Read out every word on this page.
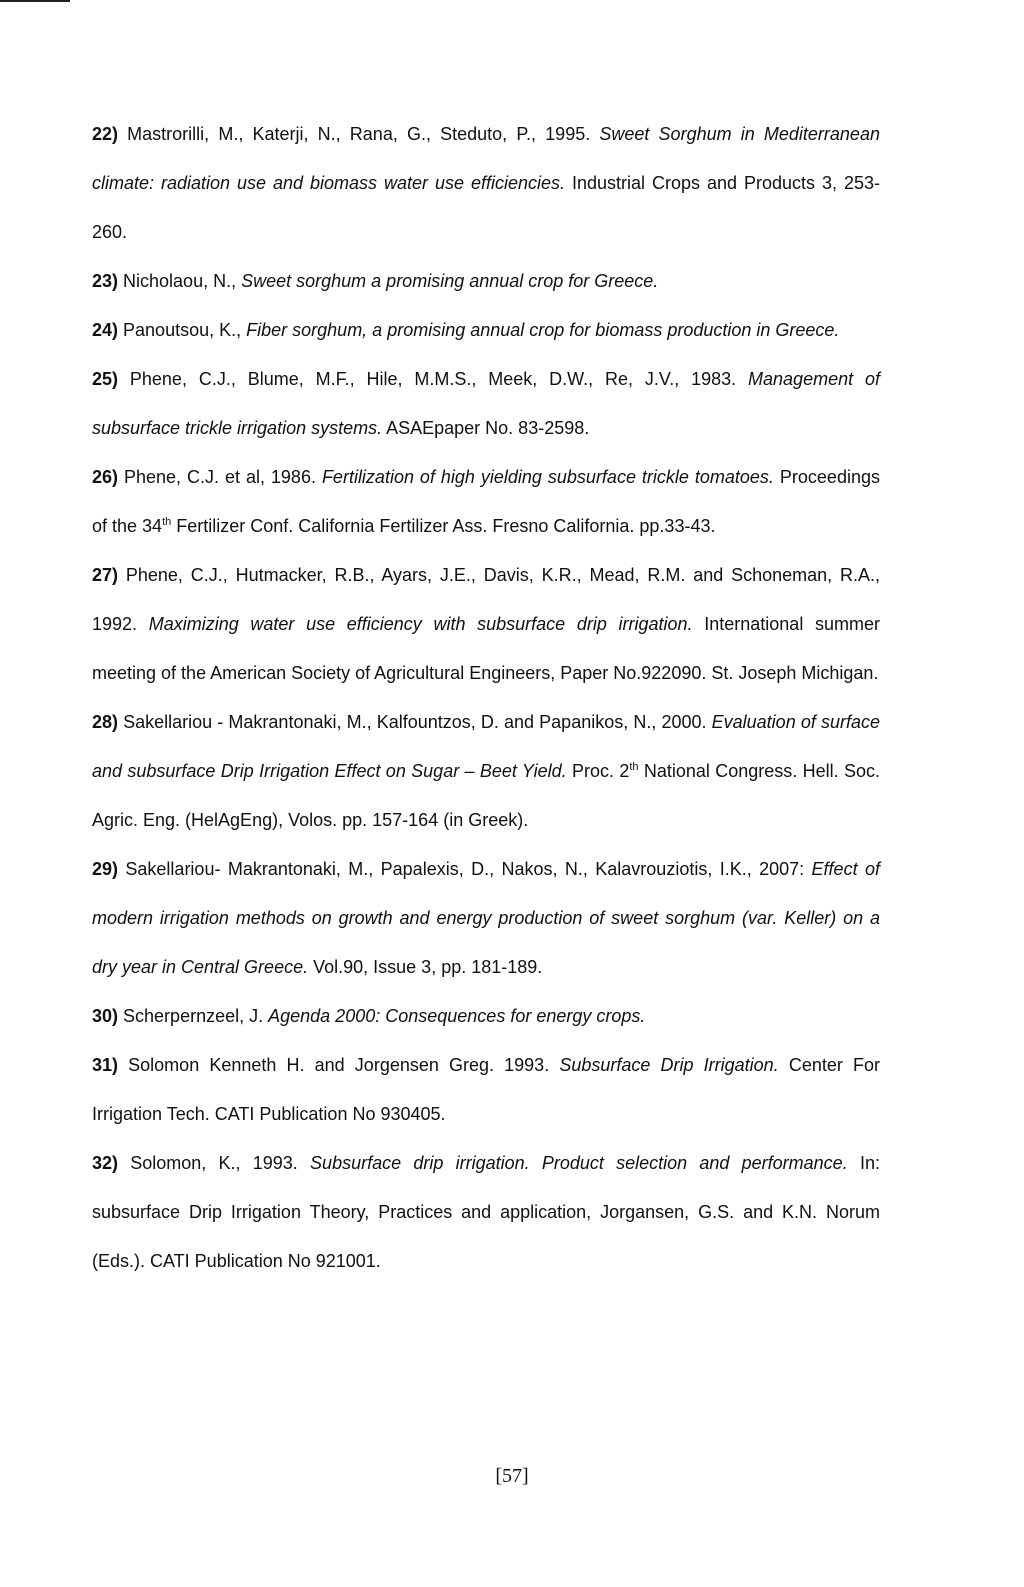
22) Mastrorilli, M., Katerji, N., Rana, G., Steduto, P., 1995. Sweet Sorghum in Mediterranean climate: radiation use and biomass water use efficiencies. Industrial Crops and Products 3, 253-260.

23) Nicholaou, N., Sweet sorghum a promising annual crop for Greece.

24) Panoutsou, K., Fiber sorghum, a promising annual crop for biomass production in Greece.

25) Phene, C.J., Blume, M.F., Hile, M.M.S., Meek, D.W., Re, J.V., 1983. Management of subsurface trickle irrigation systems. ASAEpaper No. 83-2598.

26) Phene, C.J. et al, 1986. Fertilization of high yielding subsurface trickle tomatoes. Proceedings of the 34th Fertilizer Conf. California Fertilizer Ass. Fresno California. pp.33-43.

27) Phene, C.J., Hutmacker, R.B., Ayars, J.E., Davis, K.R., Mead, R.M. and Schoneman, R.A., 1992. Maximizing water use efficiency with subsurface drip irrigation. International summer meeting of the American Society of Agricultural Engineers, Paper No.922090. St. Joseph Michigan.

28) Sakellariou - Makrantonaki, M., Kalfountzos, D. and Papanikos, N., 2000. Evaluation of surface and subsurface Drip Irrigation Effect on Sugar – Beet Yield. Proc. 2th National Congress. Hell. Soc. Agric. Eng. (HelAgEng), Volos. pp. 157-164 (in Greek).

29) Sakellariou- Makrantonaki, M., Papalexis, D., Nakos, N., Kalavrouziotis, I.K., 2007: Effect of modern irrigation methods on growth and energy production of sweet sorghum (var. Keller) on a dry year in Central Greece. Vol.90, Issue 3, pp. 181-189.

30) Scherpernzeel, J. Agenda 2000: Consequences for energy crops.

31) Solomon Kenneth H. and Jorgensen Greg. 1993. Subsurface Drip Irrigation. Center For Irrigation Tech. CATI Publication No 930405.

32) Solomon, K., 1993. Subsurface drip irrigation. Product selection and performance. In: subsurface Drip Irrigation Theory, Practices and application, Jorgansen, G.S. and K.N. Norum (Eds.). CATI Publication No 921001.

[57]
